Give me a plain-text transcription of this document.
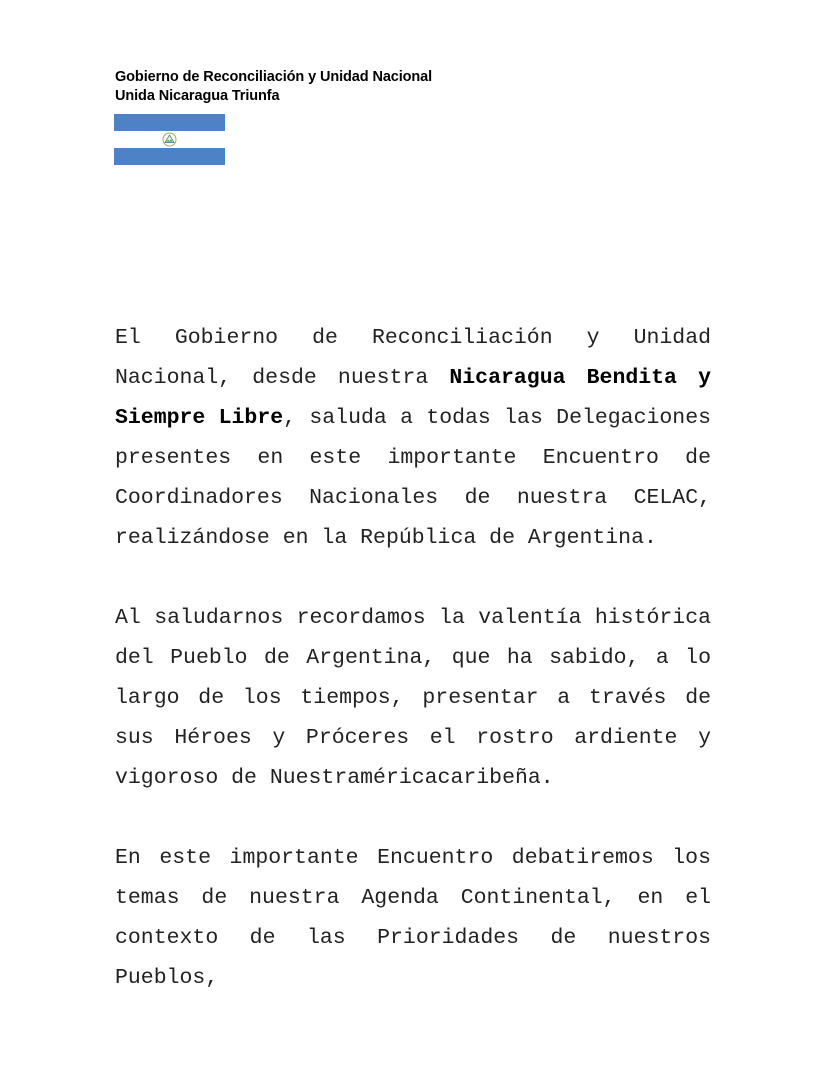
Gobierno de Reconciliación y Unidad Nacional
Unida Nicaragua Triunfa

El Gobierno de Reconciliación y Unidad Nacional, desde nuestra Nicaragua Bendita y Siempre Libre, saluda a todas las Delegaciones presentes en este importante Encuentro de Coordinadores Nacionales de nuestra CELAC, realizándose en la República de Argentina.

Al saludarnos recordamos la valentía histórica del Pueblo de Argentina, que ha sabido, a lo largo de los tiempos, presentar a través de sus Héroes y Próceres el rostro ardiente y vigoroso de Nuestraméricacaribeña.

En este importante Encuentro debatiremos los temas de nuestra Agenda Continental, en el contexto de las Prioridades de nuestros Pueblos,
